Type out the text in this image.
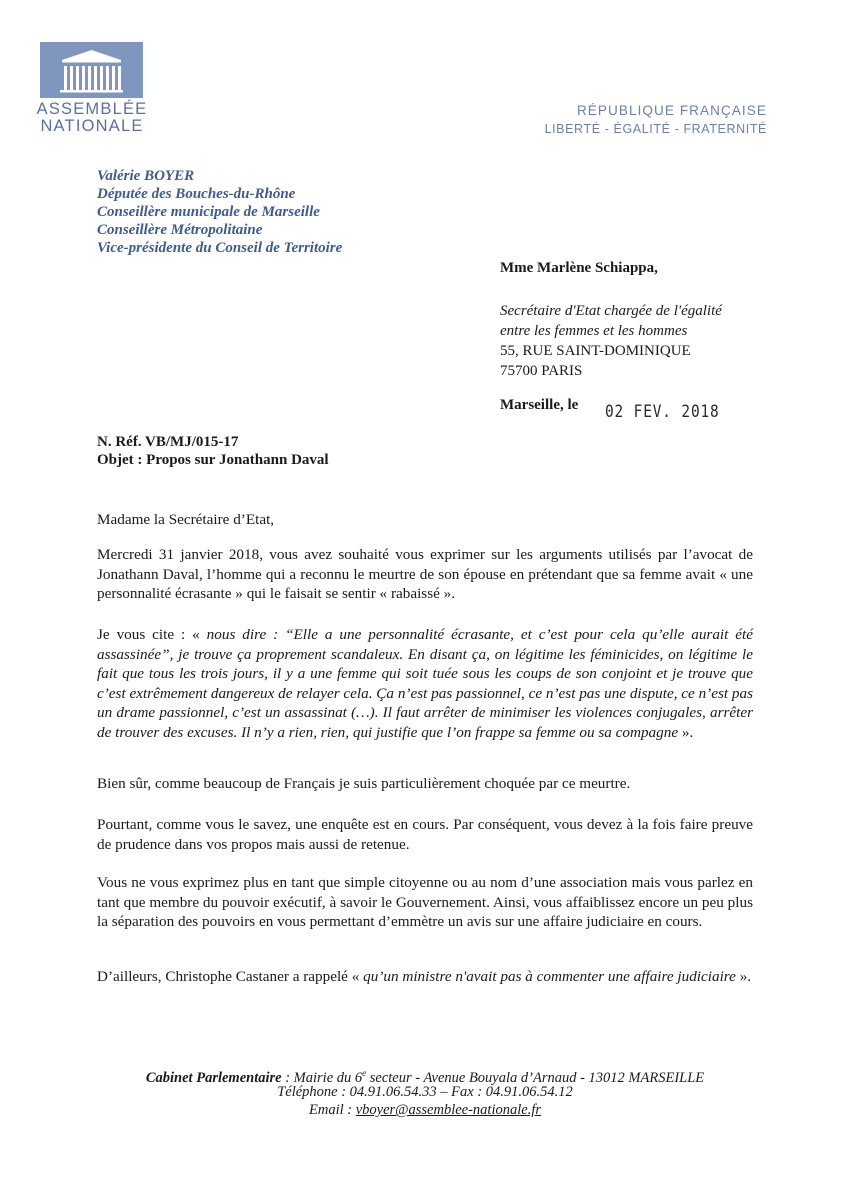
ASSEMBLÉE
NATIONALE
RÉPUBLIQUE FRANÇAISE
LIBERTÉ - ÉGALITÉ - FRATERNITÉ
Valérie BOYER
Députée des Bouches-du-Rhône
Conseillère municipale de Marseille
Conseillère Métropolitaine
Vice-présidente du Conseil de Territoire
Mme Marlène Schiappa,
Secrétaire d'Etat chargée de l'égalité
entre les femmes et les hommes
55, RUE SAINT-DOMINIQUE
75700 PARIS
Marseille, le 02 FEV. 2018
N. Réf. VB/MJ/015-17
Objet : Propos sur Jonathann Daval
Madame la Secrétaire d’Etat,

Mercredi 31 janvier 2018, vous avez souhaité vous exprimer sur les arguments utilisés par l’avocat de Jonathann Daval, l’homme qui a reconnu le meurtre de son épouse en prétendant que sa femme avait « une personnalité écrasante » qui le faisait se sentir « rabaissé ».

Je vous cite : « nous dire : “Elle a une personnalité écrasante, et c’est pour cela qu’elle aurait été assassinée”, je trouve ça proprement scandaleux. En disant ça, on légitime les féminicides, on légitime le fait que tous les trois jours, il y a une femme qui soit tuée sous les coups de son conjoint et je trouve que c’est extrêmement dangereux de relayer cela. Ça n’est pas passionnel, ce n’est pas une dispute, ce n’est pas un drame passionnel, c’est un assassinat (…). Il faut arrêter de minimiser les violences conjugales, arrêter de trouver des excuses. Il n’y a rien, rien, qui justifie que l’on frappe sa femme ou sa compagne ».

Bien sûr, comme beaucoup de Français je suis particulièrement choquée par ce meurtre.

Pourtant, comme vous le savez, une enquête est en cours. Par conséquent, vous devez à la fois faire preuve de prudence dans vos propos mais aussi de retenue.

Vous ne vous exprimez plus en tant que simple citoyenne ou au nom d’une association mais vous parlez en tant que membre du pouvoir exécutif, à savoir le Gouvernement. Ainsi, vous affaiblissez encore un peu plus la séparation des pouvoirs en vous permettant d’emmètre un avis sur une affaire judiciaire en cours.

D’ailleurs, Christophe Castaner a rappelé « qu’un ministre n'avait pas à commenter une affaire judiciaire ».

Cabinet Parlementaire : Mairie du 6e secteur - Avenue Bouyala d’Arnaud - 13012 MARSEILLE
Téléphone : 04.91.06.54.33 – Fax : 04.91.06.54.12
Email : vboyer@assemblee-nationale.fr
